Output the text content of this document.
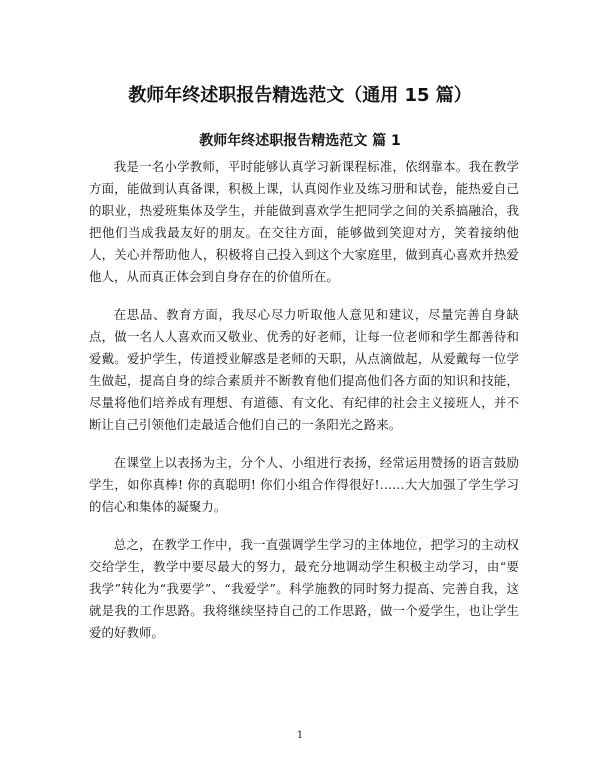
教师年终述职报告精选范文（通用 15 篇）
教师年终述职报告精选范文 篇 1

我是一名小学教师，平时能够认真学习新课程标准，依纲靠本。我在教学方面，能做到认真备课，积极上课，认真阅作业及练习册和试卷，能热爱自己的职业，热爱班集体及学生，并能做到喜欢学生把同学之间的关系搞融洽，我把他们当成我最友好的朋友。在交往方面，能够做到笑迎对方，笑着接纳他人，关心并帮助他人，积极将自己投入到这个大家庭里，做到真心喜欢并热爱他人，从而真正体会到自身存在的价值所在。

在思品、教育方面，我尽心尽力听取他人意见和建议，尽量完善自身缺点，做一名人人喜欢而又敬业、优秀的好老师，让每一位老师和学生都善待和爱戴。爱护学生，传道授业解惑是老师的天职，从点滴做起，从爱戴每一位学生做起，提高自身的综合素质并不断教育他们提高他们各方面的知识和技能，尽量将他们培养成有理想、有道德、有文化、有纪律的社会主义接班人，并不断让自己引领他们走最适合他们自己的一条阳光之路来。

在课堂上以表扬为主，分个人、小组进行表扬，经常运用赞扬的语言鼓励学生，如你真棒! 你的真聪明! 你们小组合作得很好!……大大加强了学生学习的信心和集体的凝聚力。

总之，在教学工作中，我一直强调学生学习的主体地位，把学习的主动权交给学生，教学中要尽最大的努力，最充分地调动学生积极主动学习，由“要我学”转化为“我要学”、“我爱学”。科学施教的同时努力提高、完善自我，这就是我的工作思路。我将继续坚持自己的工作思路，做一个爱学生，也让学生爱的好教师。

1
